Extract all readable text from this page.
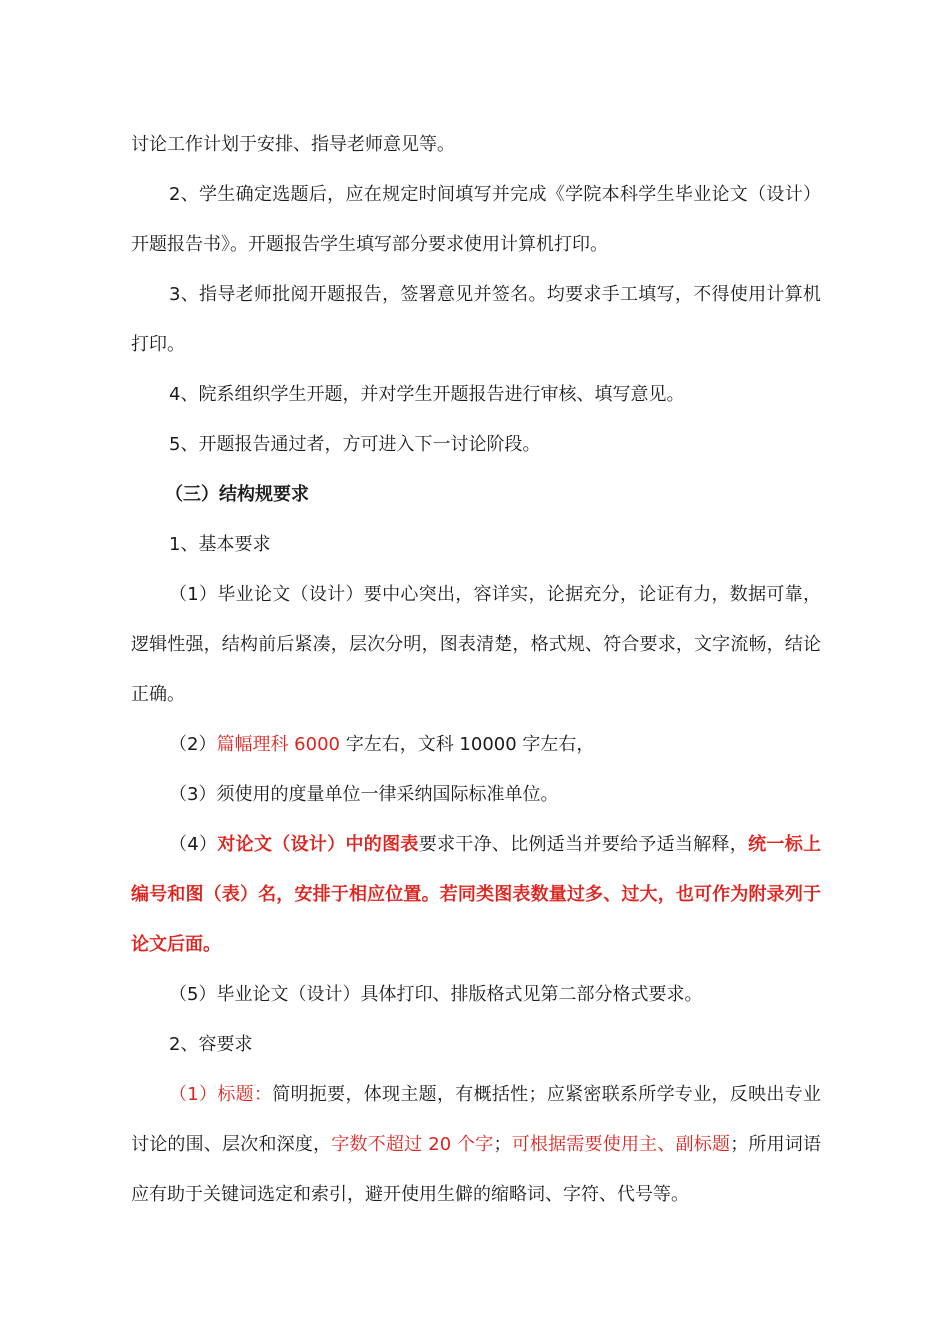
讨论工作计划于安排、指导老师意见等。

2、学生确定选题后，应在规定时间填写并完成《学院本科学生毕业论文（设计）开题报告书》。开题报告学生填写部分要求使用计算机打印。

3、指导老师批阅开题报告，签署意见并签名。均要求手工填写，不得使用计算机打印。

4、院系组织学生开题，并对学生开题报告进行审核、填写意见。

5、开题报告通过者，方可进入下一讨论阶段。

（三）结构规要求

1、基本要求

（1）毕业论文（设计）要中心突出，容详实，论据充分，论证有力，数据可靠，逻辑性强，结构前后紧凑，层次分明，图表清楚，格式规、符合要求，文字流畅，结论正确。

（2）篇幅理科 6000 字左右，文科 10000 字左右，

（3）须使用的度量单位一律采纳国际标准单位。

（4）对论文（设计）中的图表要求干净、比例适当并要给予适当解释，统一标上编号和图（表）名，安排于相应位置。若同类图表数量过多、过大，也可作为附录列于论文后面。

（5）毕业论文（设计）具体打印、排版格式见第二部分格式要求。

2、容要求

（1）标题：简明扼要，体现主题，有概括性；应紧密联系所学专业，反映出专业讨论的围、层次和深度，字数不超过 20 个字；可根据需要使用主、副标题；所用词语应有助于关键词选定和索引，避开使用生僻的缩略词、字符、代号等。
